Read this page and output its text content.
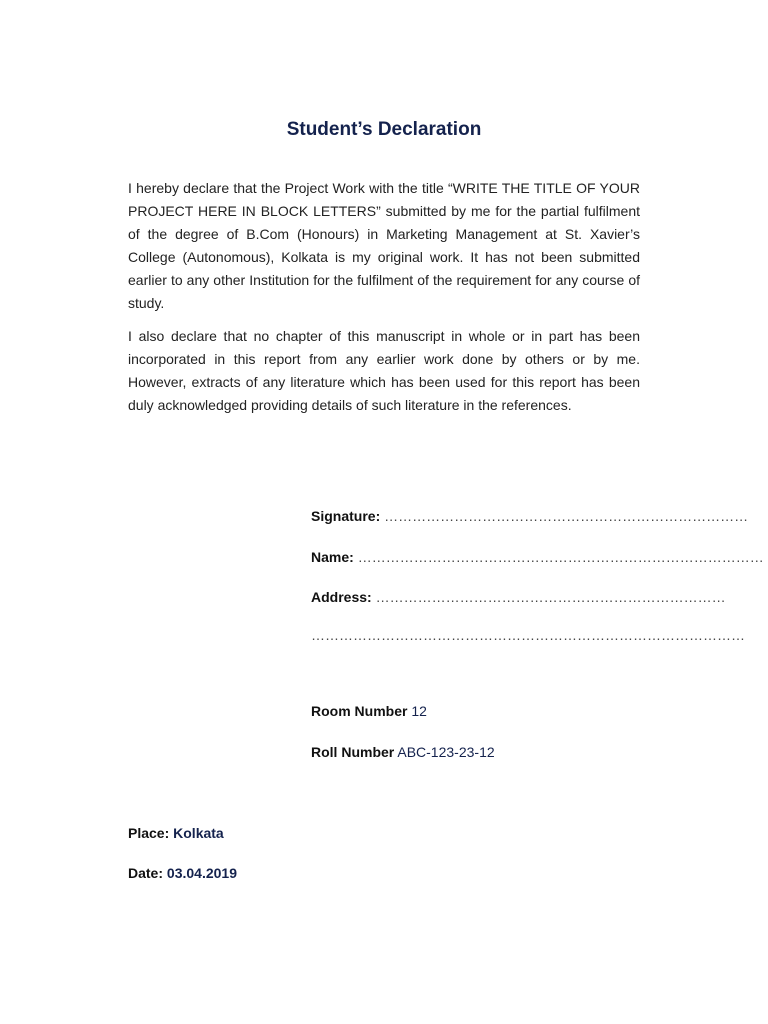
Student’s Declaration

I hereby declare that the Project Work with the title “WRITE THE TITLE OF YOUR PROJECT HERE IN BLOCK LETTERS” submitted by me for the partial fulfilment of the degree of B.Com (Honours) in Marketing Management at St. Xavier’s College (Autonomous), Kolkata is my original work. It has not been submitted earlier to any other Institution for the fulfilment of the requirement for any course of study.

I also declare that no chapter of this manuscript in whole or in part has been incorporated in this report from any earlier work done by others or by me. However, extracts of any literature which has been used for this report has been duly acknowledged providing details of such literature in the references.

Signature: ……………………………………………………………………
Name: ……………………………………………………………………………
Address: …………………………………………………………………
…………………………………………………………………………………
Room Number 12
Roll Number ABC-123-23-12
Place: Kolkata
Date: 03.04.2019
